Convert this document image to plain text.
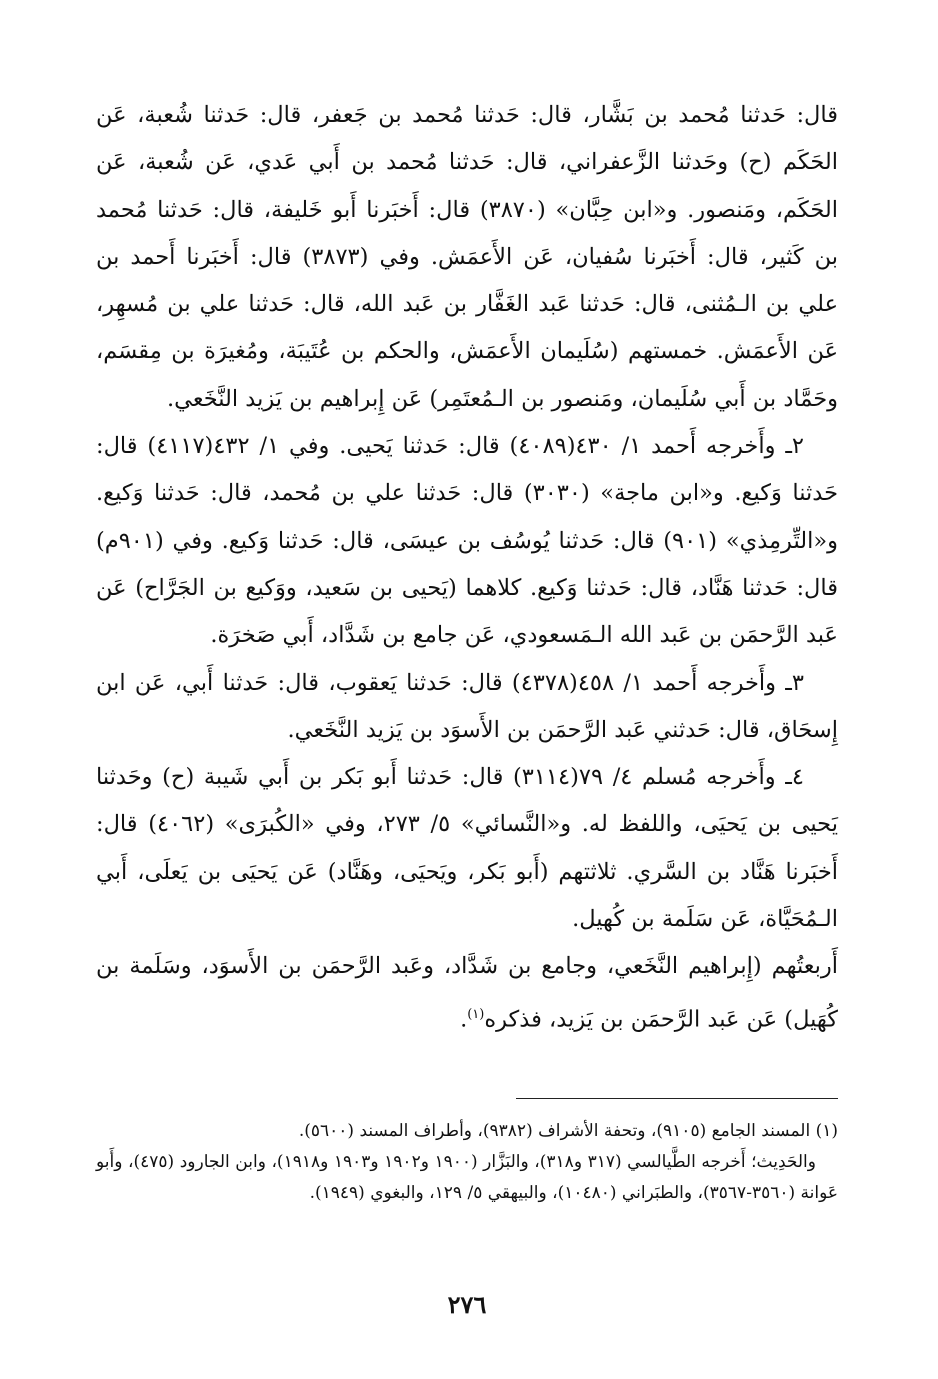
قال: حَدثنا مُحمد بن بَشَّار، قال: حَدثنا مُحمد بن جَعفر، قال: حَدثنا شُعبة، عَن الحَكَم (ح) وحَدثنا الزَّعفراني، قال: حَدثنا مُحمد بن أَبي عَدي، عَن شُعبة، عَن الحَكَم، ومَنصور. و«ابن حِبَّان» (٣٨٧٠) قال: أَخبَرنا أَبو خَليفة، قال: حَدثنا مُحمد بن كَثير، قال: أَخبَرنا سُفيان، عَن الأَعمَش. وفي (٣٨٧٣) قال: أَخبَرنا أَحمد بن علي بن الـمُثنى، قال: حَدثنا عَبد الغَفَّار بن عَبد الله، قال: حَدثنا علي بن مُسهِر، عَن الأَعمَش. خمستهم (سُلَيمان الأَعمَش، والحكم بن عُتَيبَة، ومُغيرَة بن مِقسَم، وحَمَّاد بن أَبي سُلَيمان، ومَنصور بن الـمُعتَمِر) عَن إِبراهيم بن يَزيد النَّخَعي.

٢ـ وأَخرجه أَحمد ١/ ٤٣٠(٤٠٨٩) قال: حَدثنا يَحيى. وفي ١/ ٤٣٢(٤١١٧) قال: حَدثنا وَكيع. و«ابن ماجة» (٣٠٣٠) قال: حَدثنا علي بن مُحمد، قال: حَدثنا وَكيع. و«التِّرمِذي» (٩٠١) قال: حَدثنا يُوسُف بن عيسَى، قال: حَدثنا وَكيع. وفي (٩٠١م) قال: حَدثنا هَنَّاد، قال: حَدثنا وَكيع. كلاهما (يَحيى بن سَعيد، ووَكيع بن الجَرَّاح) عَن عَبد الرَّحمَن بن عَبد الله الـمَسعودي، عَن جامع بن شَدَّاد، أَبي صَخرَة.

٣ـ وأَخرجه أَحمد ١/ ٤٥٨(٤٣٧٨) قال: حَدثنا يَعقوب، قال: حَدثنا أَبي، عَن ابن إِسحَاق، قال: حَدثني عَبد الرَّحمَن بن الأَسوَد بن يَزيد النَّخَعي.

٤ـ وأَخرجه مُسلم ٤/ ٧٩(٣١١٤) قال: حَدثنا أَبو بَكر بن أَبي شَيبة (ح) وحَدثنا يَحيى بن يَحيَى، واللفظ له. و«النَّسائي» ٥/ ٢٧٣، وفي «الكُبرَى» (٤٠٦٢) قال: أَخبَرنا هَنَّاد بن السَّري. ثلاثتهم (أَبو بَكر، ويَحيَى، وهَنَّاد) عَن يَحيَى بن يَعلَى، أَبي الـمُحَيَّاة، عَن سَلَمة بن كُهيل.

أَربعتُهم (إِبراهيم النَّخَعي، وجامع بن شَدَّاد، وعَبد الرَّحمَن بن الأَسوَد، وسَلَمة بن كُهَيل) عَن عَبد الرَّحمَن بن يَزيد، فذكره$^{(١)}$.

(١) المسند الجامع (٩١٠٥)، وتحفة الأشراف (٩٣٨٢)، وأطراف المسند (٥٦٠٠).

والحَدِيث؛ أَخرجه الطَّيالسي (٣١٧ و٣١٨)، والبَزَّار (١٩٠٠ و١٩٠٢ و١٩٠٣ و١٩١٨)، وابن الجارود (٤٧٥)، وأَبو عَوانة (٣٥٦٠-٣٥٦٧)، والطبَراني (١٠٤٨٠)، والبيهقي ٥/ ١٢٩، والبغوي (١٩٤٩).

٢٧٦
